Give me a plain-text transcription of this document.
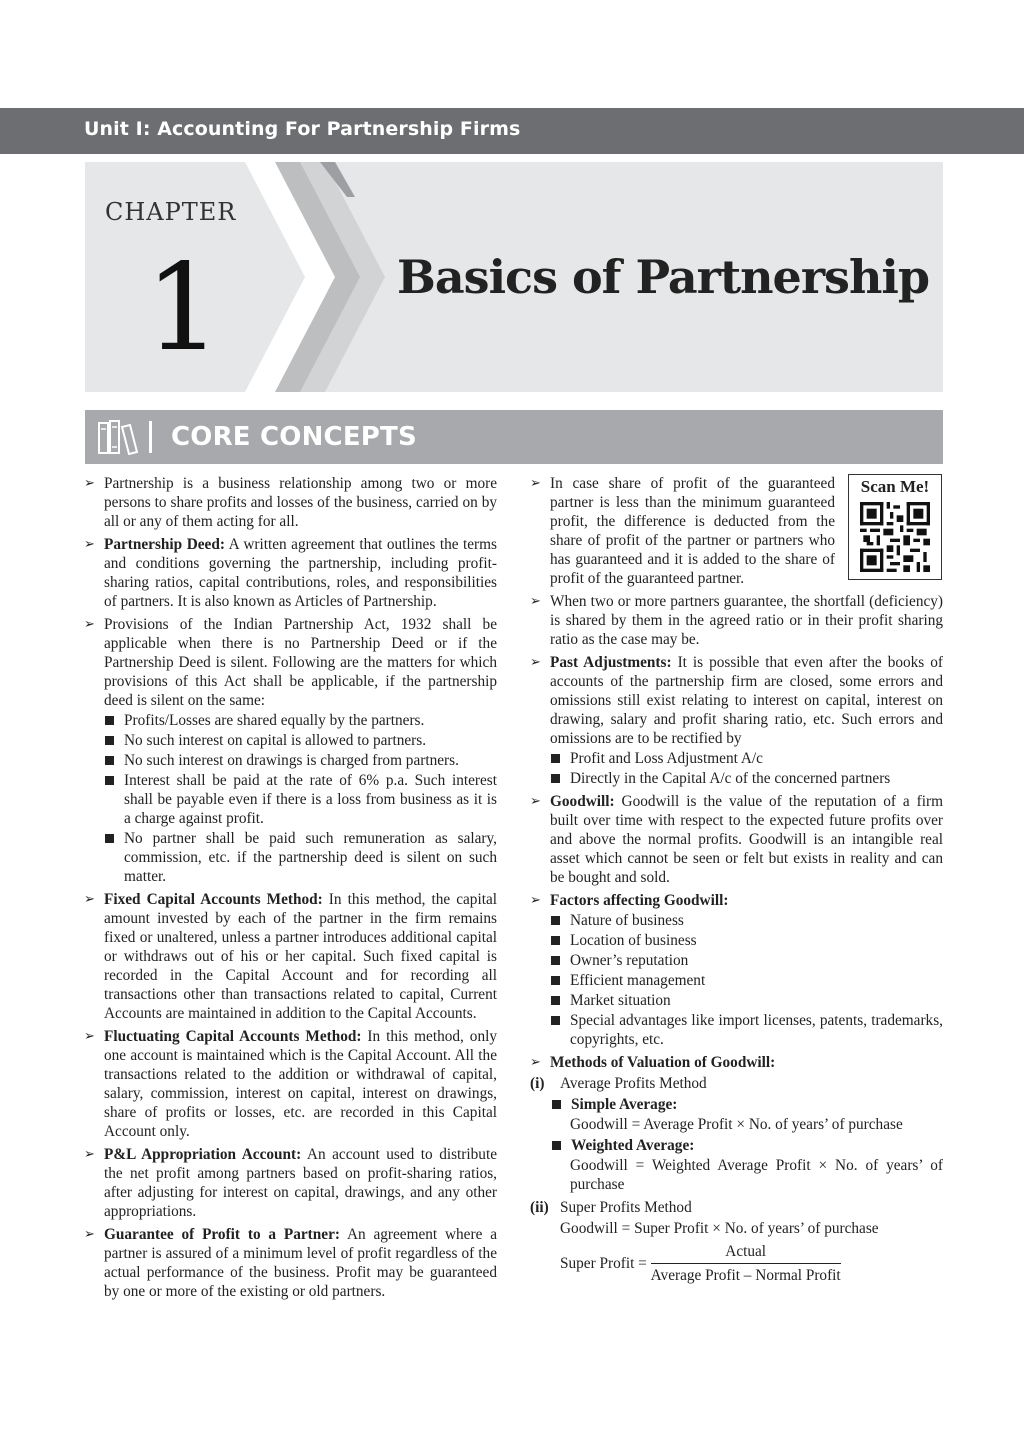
Unit I: Accounting For Partnership Firms
CHAPTER
1	Basics of Partnership
CORE CONCEPTS
➢ Partnership is a business relationship among two or more persons to share profits and losses of the business, carried on by all or any of them acting for all.
➢ Partnership Deed: A written agreement that outlines the terms and conditions governing the partnership, including profit-sharing ratios, capital contributions, roles, and responsibilities of partners. It is also known as Articles of Partnership.
➢ Provisions of the Indian Partnership Act, 1932 shall be applicable when there is no Partnership Deed or if the Partnership Deed is silent. Following are the matters for which provisions of this Act shall be applicable, if the partnership deed is silent on the same:
Profits/Losses are shared equally by the partners.
No such interest on capital is allowed to partners.
No such interest on drawings is charged from partners.
Interest shall be paid at the rate of 6% p.a. Such interest shall be payable even if there is a loss from business as it is a charge against profit.
No partner shall be paid such remuneration as salary, commission, etc. if the partnership deed is silent on such matter.
➢ Fixed Capital Accounts Method: In this method, the capital amount invested by each of the partner in the firm remains fixed or unaltered, unless a partner introduces additional capital or withdraws out of his or her capital. Such fixed capital is recorded in the Capital Account and for recording all transactions other than transactions related to capital, Current Accounts are maintained in addition to the Capital Accounts.
➢ Fluctuating Capital Accounts Method: In this method, only one account is maintained which is the Capital Account. All the transactions related to the addition or withdrawal of capital, salary, commission, interest on capital, interest on drawings, share of profits or losses, etc. are recorded in this Capital Account only.
➢ P&L Appropriation Account: An account used to distribute the net profit among partners based on profit-sharing ratios, after adjusting for interest on capital, drawings, and any other appropriations.
➢ Guarantee of Profit to a Partner: An agreement where a partner is assured of a minimum level of profit regardless of the actual performance of the business. Profit may be guaranteed by one or more of the existing or old partners.
➢ In case share of profit of the guaranteed partner is less than the minimum guaranteed profit, the difference is deducted from the share of profit of the partner or partners who has guaranteed and it is added to the share of profit of the guaranteed partner.
➢ When two or more partners guarantee, the shortfall (deficiency) is shared by them in the agreed ratio or in their profit sharing ratio as the case may be.
➢ Past Adjustments: It is possible that even after the books of accounts of the partnership firm are closed, some errors and omissions still exist relating to interest on capital, interest on drawing, salary and profit sharing ratio, etc. Such errors and omissions are to be rectified by
Profit and Loss Adjustment A/c
Directly in the Capital A/c of the concerned partners
➢ Goodwill: Goodwill is the value of the reputation of a firm built over time with respect to the expected future profits over and above the normal profits. Goodwill is an intangible real asset which cannot be seen or felt but exists in reality and can be bought and sold.
➢ Factors affecting Goodwill:
Nature of business
Location of business
Owner’s reputation
Efficient management
Market situation
Special advantages like import licenses, patents, trademarks, copyrights, etc.
➢ Methods of Valuation of Goodwill:
(i) Average Profits Method
Simple Average:
Goodwill = Average Profit × No. of years’ of purchase
Weighted Average:
Goodwill = Weighted Average Profit × No. of years’ of purchase
(ii) Super Profits Method
Goodwill = Super Profit × No. of years’ of purchase
Super Profit = $\frac{\text{Actual}}{\text{Average Profit – Normal Profit}}$
Scan Me!
